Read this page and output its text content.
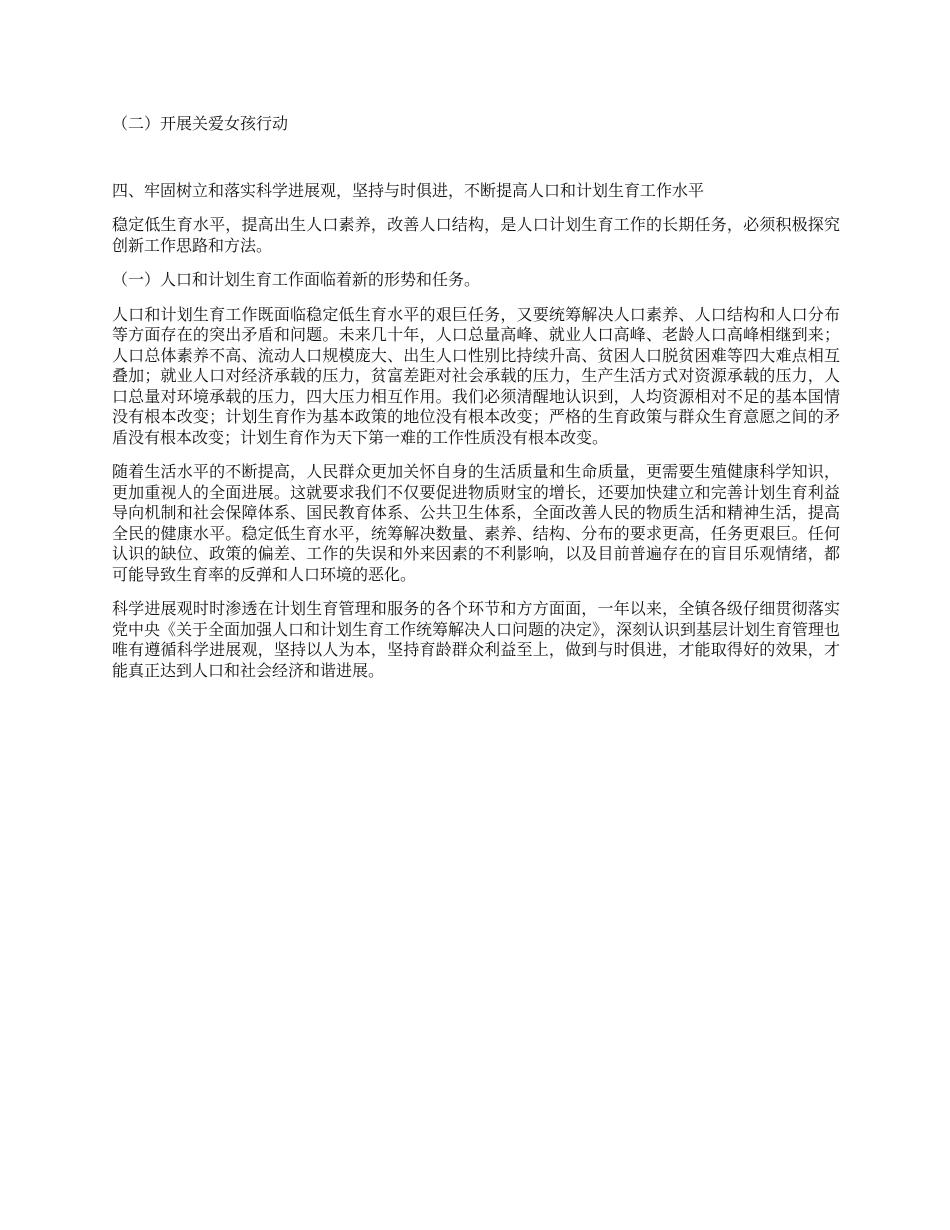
（二）开展关爱女孩行动

四、牢固树立和落实科学进展观，坚持与时俱进，不断提高人口和计划生育工作水平

稳定低生育水平，提高出生人口素养，改善人口结构，是人口计划生育工作的长期任务，必须积极探究创新工作思路和方法。

（一）人口和计划生育工作面临着新的形势和任务。

人口和计划生育工作既面临稳定低生育水平的艰巨任务，又要统筹解决人口素养、人口结构和人口分布等方面存在的突出矛盾和问题。未来几十年，人口总量高峰、就业人口高峰、老龄人口高峰相继到来；人口总体素养不高、流动人口规模庞大、出生人口性别比持续升高、贫困人口脱贫困难等四大难点相互叠加；就业人口对经济承载的压力，贫富差距对社会承载的压力，生产生活方式对资源承载的压力，人口总量对环境承载的压力，四大压力相互作用。我们必须清醒地认识到，人均资源相对不足的基本国情没有根本改变；计划生育作为基本政策的地位没有根本改变；严格的生育政策与群众生育意愿之间的矛盾没有根本改变；计划生育作为天下第一难的工作性质没有根本改变。

随着生活水平的不断提高，人民群众更加关怀自身的生活质量和生命质量，更需要生殖健康科学知识，更加重视人的全面进展。这就要求我们不仅要促进物质财宝的增长，还要加快建立和完善计划生育利益导向机制和社会保障体系、国民教育体系、公共卫生体系，全面改善人民的物质生活和精神生活，提高全民的健康水平。稳定低生育水平，统筹解决数量、素养、结构、分布的要求更高，任务更艰巨。任何认识的缺位、政策的偏差、工作的失误和外来因素的不利影响，以及目前普遍存在的盲目乐观情绪，都可能导致生育率的反弹和人口环境的恶化。

科学进展观时时渗透在计划生育管理和服务的各个环节和方方面面，一年以来，全镇各级仔细贯彻落实党中央《关于全面加强人口和计划生育工作统筹解决人口问题的决定》，深刻认识到基层计划生育管理也唯有遵循科学进展观，坚持以人为本，坚持育龄群众利益至上，做到与时俱进，才能取得好的效果，才能真正达到人口和社会经济和谐进展。
